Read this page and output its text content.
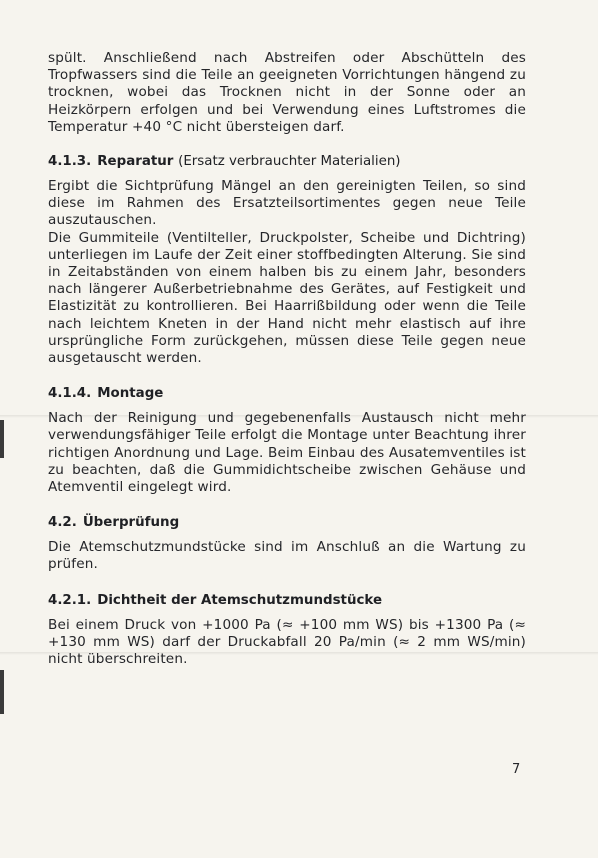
spült. Anschließend nach Abstreifen oder Abschütteln des Tropfwassers sind die Teile an geeigneten Vorrichtungen hängend zu trocknen, wobei das Trocknen nicht in der Sonne oder an Heizkörpern erfolgen und bei Verwendung eines Luftstromes die Temperatur +40 °C nicht übersteigen darf.

4.1.3. Reparatur (Ersatz verbrauchter Materialien)

Ergibt die Sichtprüfung Mängel an den gereinigten Teilen, so sind diese im Rahmen des Ersatzteilsortimentes gegen neue Teile auszutauschen.

Die Gummiteile (Ventilteller, Druckpolster, Scheibe und Dichtring) unterliegen im Laufe der Zeit einer stoffbedingten Alterung. Sie sind in Zeitabständen von einem halben bis zu einem Jahr, besonders nach längerer Außerbetriebnahme des Gerätes, auf Festigkeit und Elastizität zu kontrollieren. Bei Haarrißbildung oder wenn die Teile nach leichtem Kneten in der Hand nicht mehr elastisch auf ihre ursprüngliche Form zurückgehen, müssen diese Teile gegen neue ausgetauscht werden.

4.1.4. Montage

Nach der Reinigung und gegebenenfalls Austausch nicht mehr verwendungsfähiger Teile erfolgt die Montage unter Beachtung ihrer richtigen Anordnung und Lage. Beim Einbau des Ausatemventiles ist zu beachten, daß die Gummidichtscheibe zwischen Gehäuse und Atemventil eingelegt wird.

4.2. Überprüfung

Die Atemschutzmundstücke sind im Anschluß an die Wartung zu prüfen.

4.2.1. Dichtheit der Atemschutzmundstücke

Bei einem Druck von +1000 Pa (≈ +100 mm WS) bis +1300 Pa (≈ +130 mm WS) darf der Druckabfall 20 Pa/min (≈ 2 mm WS/min) nicht überschreiten.

7
